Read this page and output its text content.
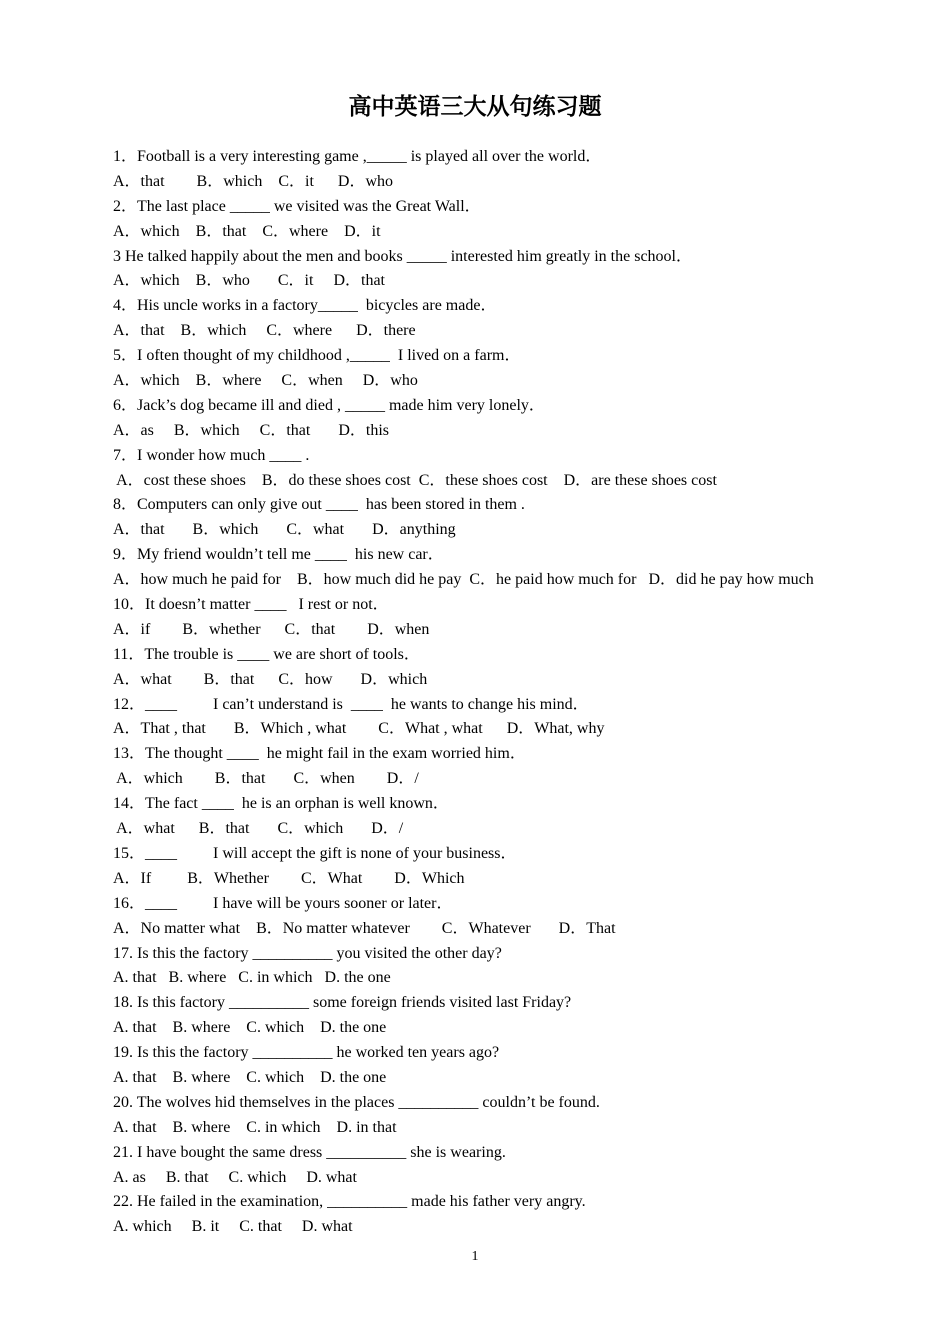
高中英语三大从句练习题
1．Football is a very interesting game ,_____ is played all over the world．
A．that        B．which    C．it      D．who
2．The last place _____ we visited was the Great Wall．
A．which    B．that    C．where    D．it
3 He talked happily about the men and books _____ interested him greatly in the school．
A．which    B．who       C．it     D．that
4．His uncle works in a factory_____  bicycles are made．
A．that    B．which     C．where      D．there
5．I often thought of my childhood ,_____  I lived on a farm．
A．which    B．where     C．when     D．who
6．Jack’s dog became ill and died , _____ made him very lonely．
A．as     B．which     C．that       D．this
7．I wonder how much ____ .
A．cost these shoes    B．do these shoes cost  C．these shoes cost    D．are these shoes cost
8．Computers can only give out ____  has been stored in them .
A．that       B．which       C．what       D．anything
9．My friend wouldn’t tell me ____  his new car．
A．how much he paid for    B．how much did he pay  C．he paid how much for   D．did he pay how much
10．It doesn’t matter ____   I rest or not．
A．if        B．whether      C．that        D．when
11．The trouble is ____ we are short of tools．
A．what        B．that      C．how       D．which
12．____         I can’t understand is  ____  he wants to change his mind．
A．That , that       B．Which , what        C．What , what      D．What, why
13．The thought ____  he might fail in the exam worried him．
A．which        B．that       C．when        D．/
14．The fact ____  he is an orphan is well known．
A．what      B．that       C．which       D．/
15．____         I will accept the gift is none of your business．
A．If         B．Whether        C．What        D．Which
16．____         I have will be yours sooner or later．
A．No matter what    B．No matter whatever        C．Whatever       D．That
17. Is this the factory __________ you visited the other day?
A. that   B. where   C. in which   D. the one
18. Is this factory __________ some foreign friends visited last Friday?
A. that    B. where    C. which    D. the one
19. Is this the factory __________ he worked ten years ago?
A. that    B. where    C. which    D. the one
20. The wolves hid themselves in the places __________ couldn’t be found.
A. that    B. where    C. in which    D. in that
21. I have bought the same dress __________ she is wearing.
A. as     B. that     C. which     D. what
22. He failed in the examination, __________ made his father very angry.
A. which     B. it     C. that     D. what
1
